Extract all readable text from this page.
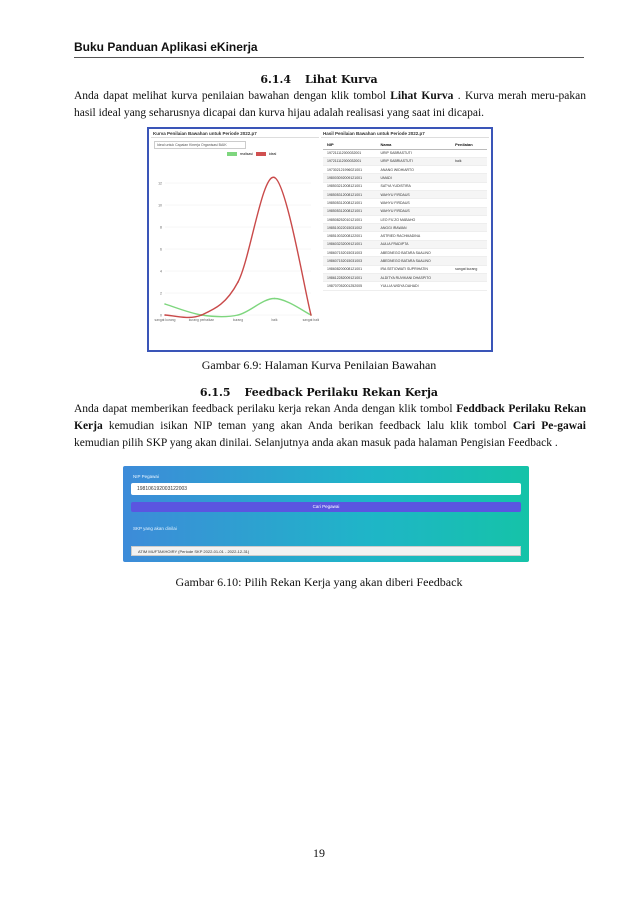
Buku Panduan Aplikasi eKinerja
6.1.4 Lihat Kurva
Anda dapat melihat kurva penilaian bawahan dengan klik tombol Lihat Kurva . Kurva merah meru-pakan hasil ideal yang seharusnya dicapai dan kurva hijau adalah realisasi yang saat ini dicapai.
Kurva Penilaian Bawahan untuk Periode 2022.p7
Ideal untuk Capaian Kinerja Organisasi BAIK
realisasi	ideal
0
2
4
6
8
10
12
sangat kurang	kurang perbaikan	kurang	baik	sangat baik
Hasil Penilaian Bawahan untuk Periode 2022.p7
NIP	Nama	Penilaian
197211112000032001	URIP SABRASTUTI	
197211112000032001	URIP SABRIASTUTI	baik
197302121996021001	ANANG WIDHIARTO	
198003092009121001	UMADI	
198503212008121001	SATYA YUDISTIRA	
198505312008121001	WAHYU FIRDAUS	
198505312008121001	WAHYU FIRDAUS	
198505312008121001	WAHYU FIRDAUS	
198508252010121001	LEO FIL'ZO MABAHO	
198510022015031002	ANGGI IRAWAN	
198510032008122001	ASTRIED RACHMADINA	
198603232009121001	AULIA FRADIPTA	
198607152015031003	ABEDNEGO BATARA SAALINO	
198607152015031003	ABEDNEGO BATARA SAALINO	
198608200008121001	IRA SETIOWATI SUPRIHATIN	sangat kurang
198612282009121001	ALDITYA RUVIKANI DHASPITO	
198707052001252005	YULLIA WIDYA DAHADI	
Gambar 6.9: Halaman Kurva Penilaian Bawahan
6.1.5 Feedback Perilaku Rekan Kerja
Anda dapat memberikan feedback perilaku kerja rekan Anda dengan klik tombol Feddback Perilaku Rekan Kerja kemudian isikan NIP teman yang akan Anda berikan feedback lalu klik tombol Cari Pe-gawai kemudian pilih SKP yang akan dinilai. Selanjutnya anda akan masuk pada halaman Pengisian Feedback .
NIP Pegawai
198106192003122003
Cari Pegawai
SKP yang akan dinilai
ATIM MUFTAKHOIRY (Periode SKP 2022-01-01 - 2022-12-31)
Gambar 6.10: Pilih Rekan Kerja yang akan diberi Feedback
19
